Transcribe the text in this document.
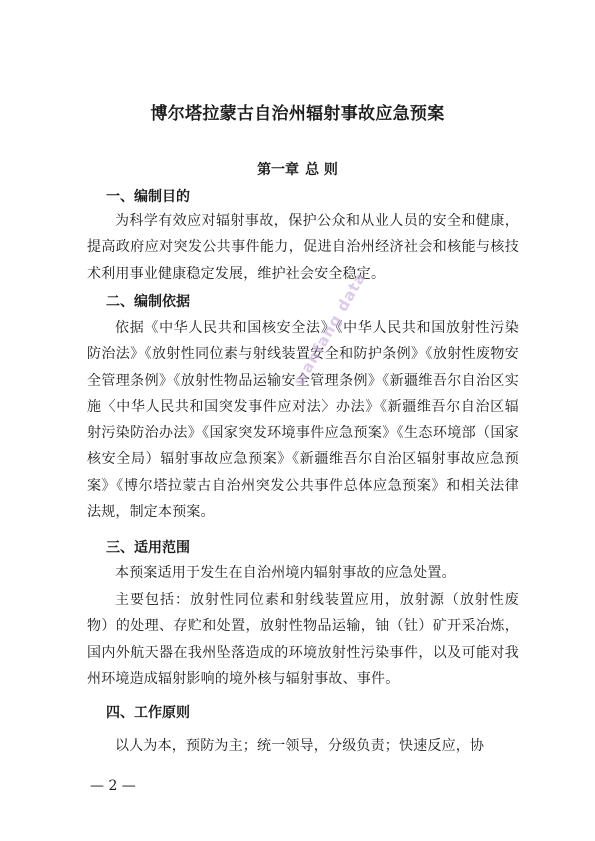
博尔塔拉蒙古自治州辐射事故应急预案
第一章 总 则
一、编制目的
为科学有效应对辐射事故，保护公众和从业人员的安全和健康，提高政府应对突发公共事件能力，促进自治州经济社会和核能与核技术利用事业健康稳定发展，维护社会安全稳定。
二、编制依据
依据《中华人民共和国核安全法》《中华人民共和国放射性污染防治法》《放射性同位素与射线装置安全和防护条例》《放射性废物安全管理条例》《放射性物品运输安全管理条例》《新疆维吾尔自治区实施〈中华人民共和国突发事件应对法〉办法》《新疆维吾尔自治区辐射污染防治办法》《国家突发环境事件应急预案》《生态环境部（国家核安全局）辐射事故应急预案》《新疆维吾尔自治区辐射事故应急预案》《博尔塔拉蒙古自治州突发公共事件总体应急预案》和相关法律法规，制定本预案。
三、适用范围
本预案适用于发生在自治州境内辐射事故的应急处置。
主要包括：放射性同位素和射线装置应用，放射源（放射性废物）的处理、存贮和处置，放射性物品运输，铀（钍）矿开采冶炼，国内外航天器在我州坠落造成的环境放射性污染事件，以及可能对我州环境造成辐射影响的境外核与辐射事故、事件。
四、工作原则
以人为本，预防为主；统一领导，分级负责；快速反应，协
wanfang data
— 2 —
